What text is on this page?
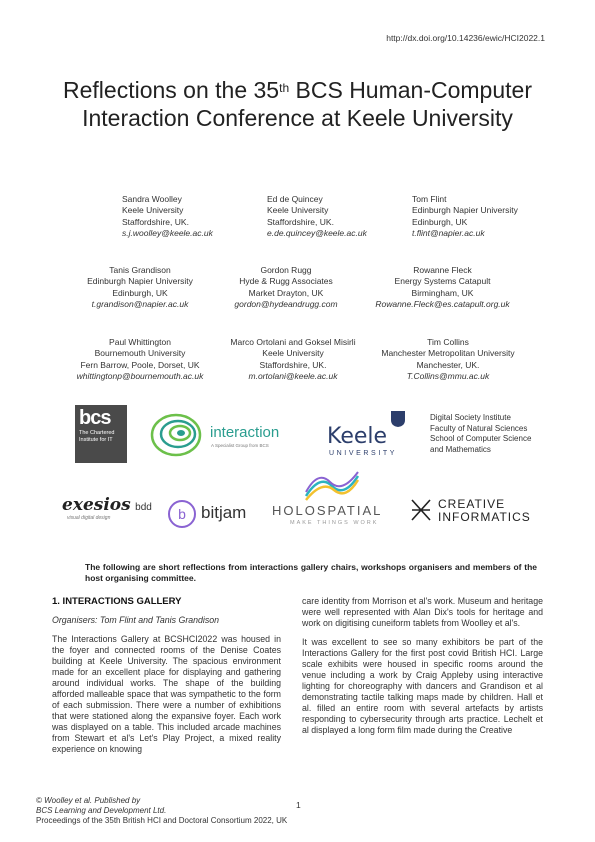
http://dx.doi.org/10.14236/ewic/HCI2022.1
Reflections on the 35th BCS Human-Computer
Interaction Conference at Keele University
Sandra Woolley
Keele University
Staffordshire, UK.
s.j.woolley@keele.ac.uk
Ed de Quincey
Keele University
Staffordshire, UK.
e.de.quincey@keele.ac.uk
Tom Flint
Edinburgh Napier University
Edinburgh, UK
t.flint@napier.ac.uk
Tanis Grandison
Edinburgh Napier University
Edinburgh, UK
t.grandison@napier.ac.uk
Gordon Rugg
Hyde & Rugg Associates
Market Drayton, UK
gordon@hydeandrugg.com
Rowanne Fleck
Energy Systems Catapult
Birmingham, UK
Rowanne.Fleck@es.catapult.org.uk
Paul Whittington
Bournemouth University
Fern Barrow, Poole, Dorset, UK
whittingtonp@bournemouth.ac.uk
Marco Ortolani and Goksel Misirli
Keele University
Staffordshire, UK.
m.ortolani@keele.ac.uk
Tim Collins
Manchester Metropolitan University
Manchester, UK.
T.Collins@mmu.ac.uk
bcs
The Chartered Institute for IT	interaction
A Specialist Group from BCS	Keele
UNIVERSITY
Digital Society Institute
Faculty of Natural Sciences
School of Computer Science
and Mathematics
exesios bdd
visual digital design	b bitjam HOLOSPATIAL
MAKE THINGS WORK
CREATIVE
INFORMATICS
The following are short reflections from interactions gallery chairs, workshops organisers and members of the host organising committee.
1. INTERACTIONS GALLERY
Organisers: Tom Flint and Tanis Grandison

The Interactions Gallery at BCSHCI2022 was housed in the foyer and connected rooms of the Denise Coates building at Keele University. The spacious environment made for an excellent place for displaying and gathering around individual works. The shape of the building afforded malleable space that was sympathetic to the form of each submission. There were a number of exhibitions that were stationed along the expansive foyer. Each work was displayed on a table. This included arcade machines from Stewart et al's Let's Play Project, a mixed reality experience on knowing

care identity from Morrison et al's work. Museum and heritage were well represented with Alan Dix's tools for heritage and work on digitising cuneiform tablets from Woolley et al's.

It was excellent to see so many exhibitors be part of the Interactions Gallery for the first post covid British HCI. Large scale exhibits were housed in specific rooms around the venue including a work by Craig Appleby using interactive lighting for choreography with dancers and Grandison et al demonstrating tactile talking maps made by children. Hall et al. filled an entire room with several artefacts by artists responding to cybersecurity through arts practice. Lechelt et al displayed a long form film made during the Creative

© Woolley et al. Published by
BCS Learning and Development Ltd.
Proceedings of the 35th British HCI and Doctoral Consortium 2022, UK
1
